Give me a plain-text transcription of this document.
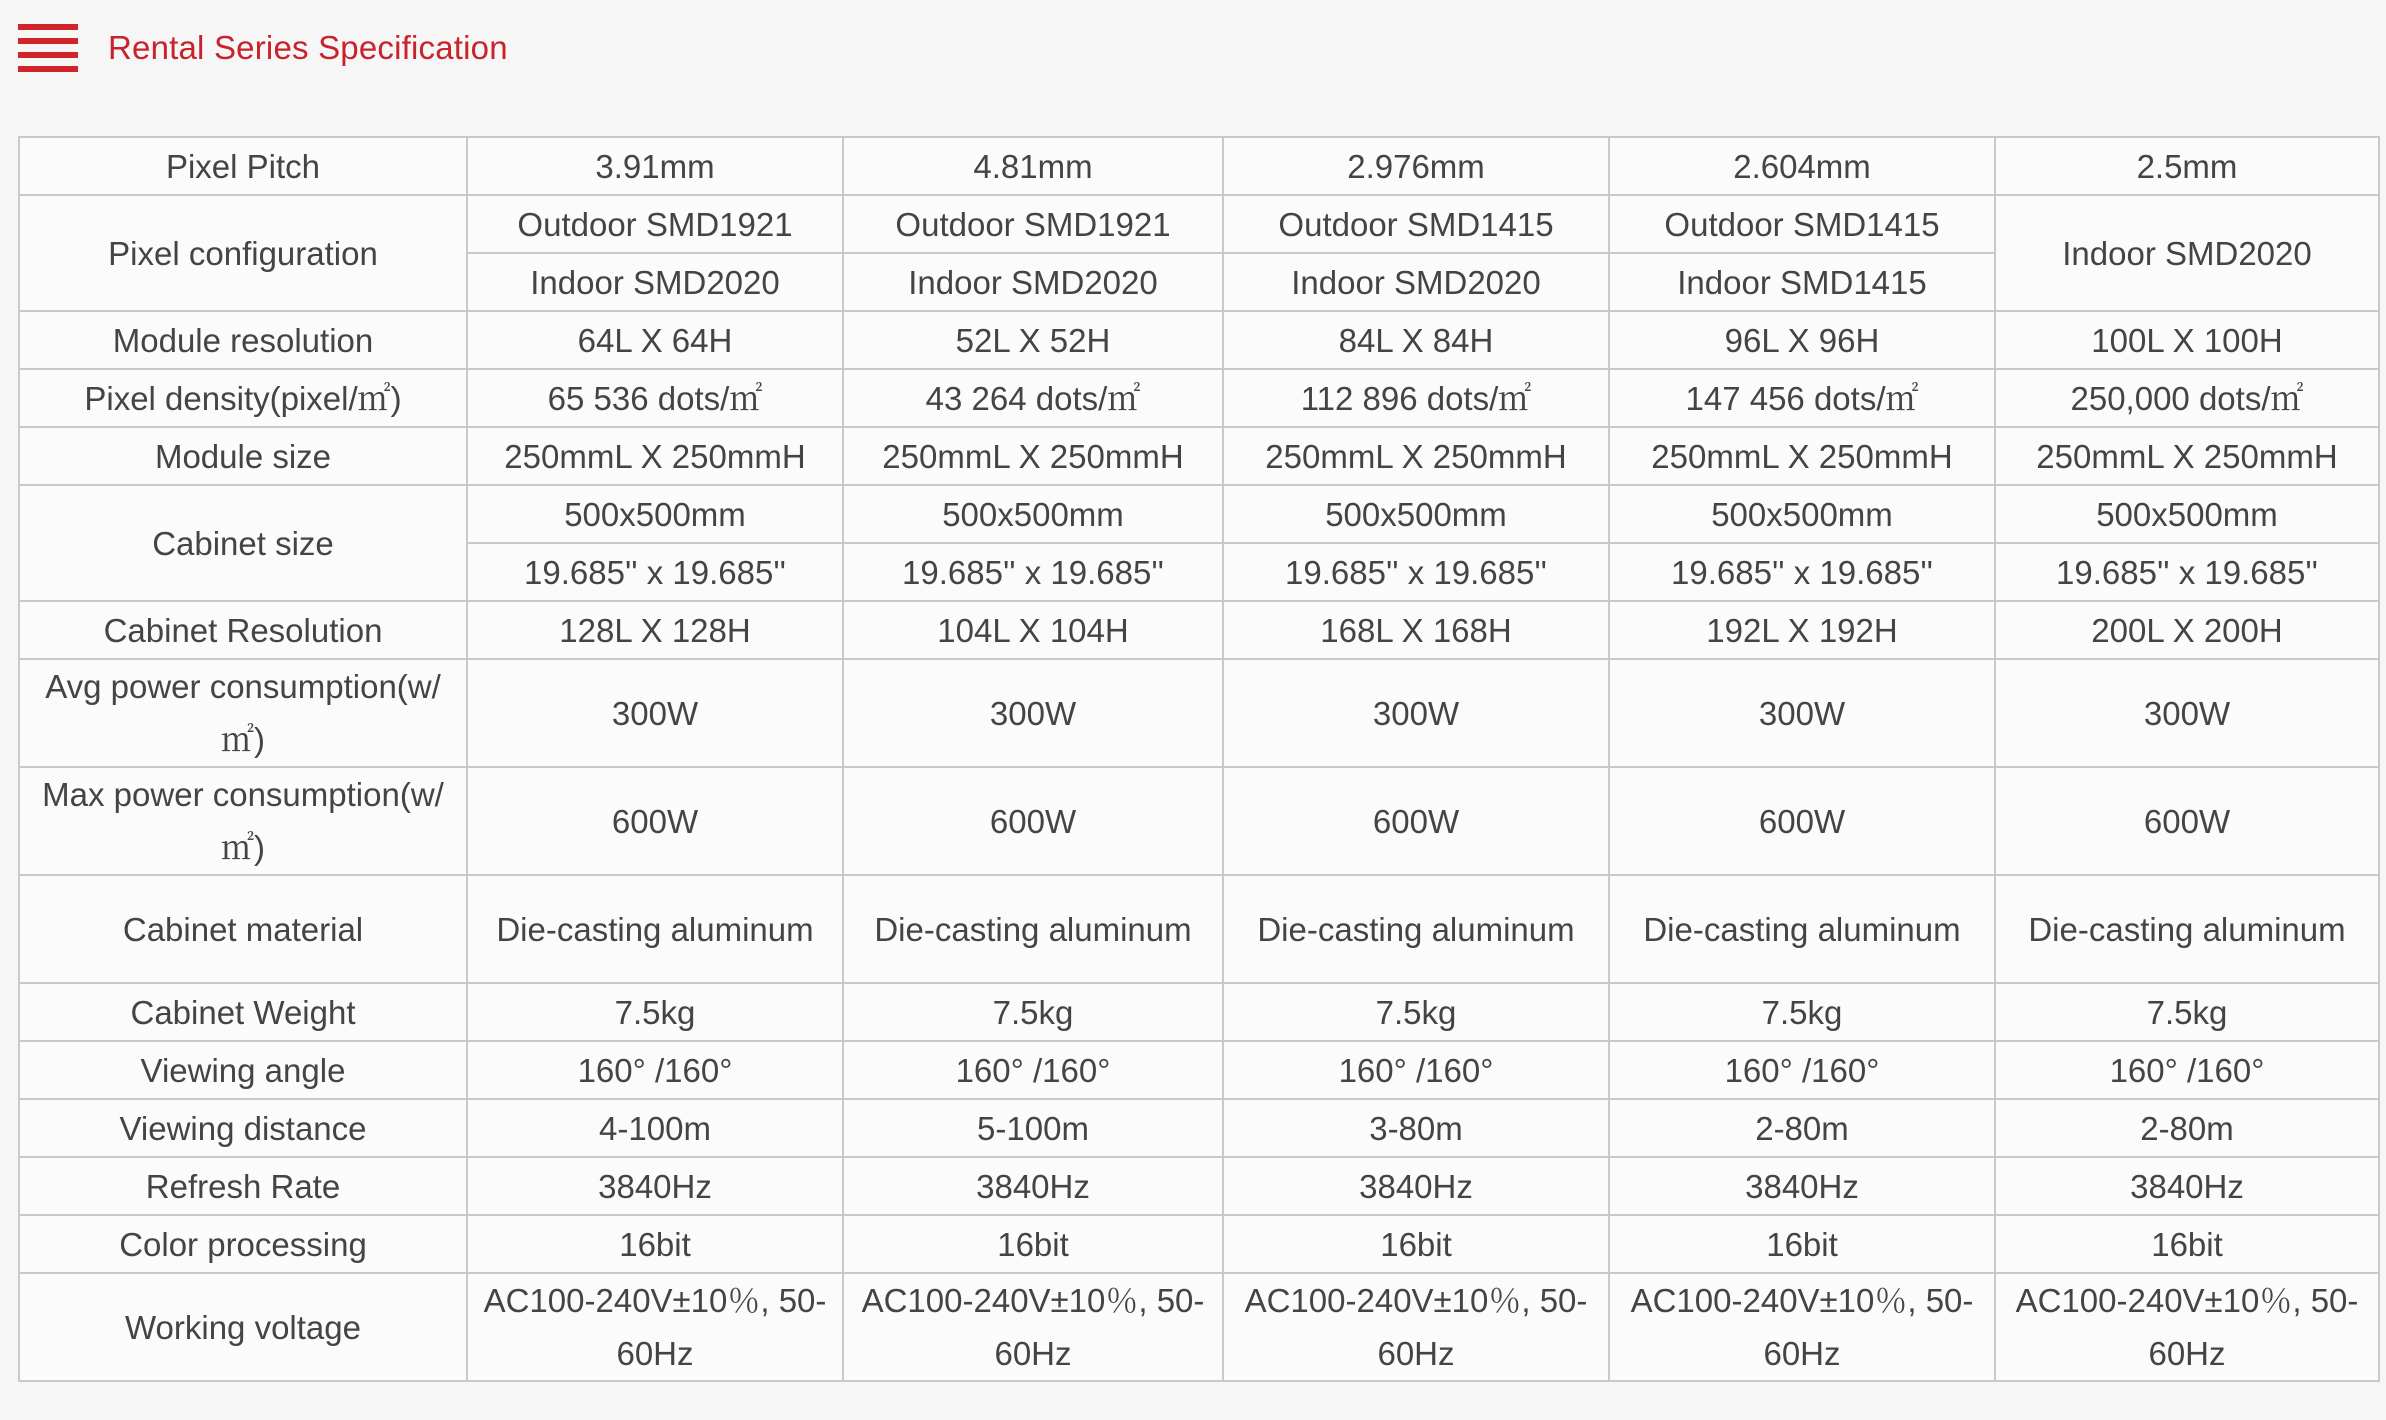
Rental Series Specification
Pixel Pitch	3.91mm	4.81mm	2.976mm	2.604mm	2.5mm
Pixel configuration	Outdoor SMD1921	Outdoor SMD1921	Outdoor SMD1415	Outdoor SMD1415	Indoor SMD2020
	Indoor SMD2020	Indoor SMD2020	Indoor SMD2020	Indoor SMD1415	
Module resolution	64L X 64H	52L X 52H	84L X 84H	96L X 96H	100L X 100H
Pixel density(pixel/㎡)	65 536 dots/㎡	43 264 dots/㎡	112 896 dots/㎡	147 456 dots/㎡	250,000 dots/㎡
Module size	250mmL X 250mmH	250mmL X 250mmH	250mmL X 250mmH	250mmL X 250mmH	250mmL X 250mmH
Cabinet size	500x500mm	500x500mm	500x500mm	500x500mm	500x500mm
	19.685'' x 19.685''	19.685'' x 19.685''	19.685'' x 19.685''	19.685'' x 19.685''	19.685'' x 19.685''
Cabinet Resolution	128L X 128H	104L X 104H	168L X 168H	192L X 192H	200L X 200H
Avg power consumption(w/㎡)	300W	300W	300W	300W	300W
Max power consumption(w/㎡)	600W	600W	600W	600W	600W
Cabinet material	Die-casting aluminum	Die-casting aluminum	Die-casting aluminum	Die-casting aluminum	Die-casting aluminum
Cabinet Weight	7.5kg	7.5kg	7.5kg	7.5kg	7.5kg
Viewing angle	160° /160°	160° /160°	160° /160°	160° /160°	160° /160°
Viewing distance	4-100m	5-100m	3-80m	2-80m	2-80m
Refresh Rate	3840Hz	3840Hz	3840Hz	3840Hz	3840Hz
Color processing	16bit	16bit	16bit	16bit	16bit
Working voltage	AC100-240V±10％, 50-60Hz	AC100-240V±10％, 50-60Hz	AC100-240V±10％, 50-60Hz	AC100-240V±10％, 50-60Hz	AC100-240V±10％, 50-60Hz
